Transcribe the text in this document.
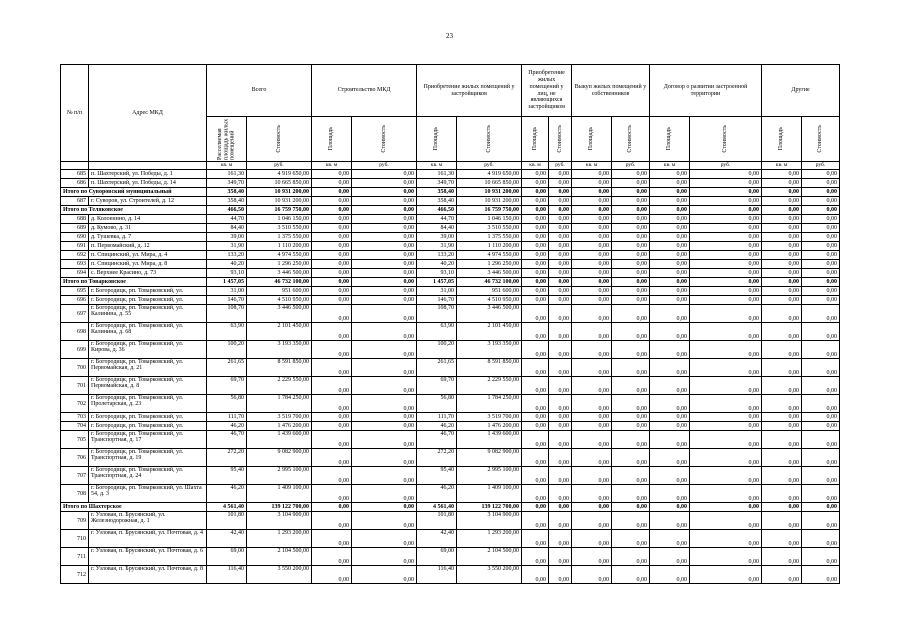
23
№ п/п	Адрес МКД	Всего		Строительство МКД		Приобретение жилых помещений у застройщиков		Приобретение жилых помещений у лиц, не являющихся застройщиком		Выкуп жилых помещений у собственников		Договор о развитии застроенной территории		Другие	

		Расселяемая площадь жилых помещений	Стоимость	Площадь	Стоимость	Площадь	Стоимость	Площадь	Стоимость	Площадь	Стоимость	Площадь	Стоимость	Площадь	Стоимость

		кв. м	руб.	кв. м	руб.	кв. м	руб.	кв. м	руб.	кв. м	руб.	кв. м	руб.	кв. м	руб.
685	п. Шахтерский, ул. Победы, д. 1	161,30	4 919 650,00	0,00	0,00	161,30	4 919 650,00	0,00	0,00	0,00	0,00	0,00	0,00	0,00	0,00
686	п. Шахтерский, ул. Победы, д. 14	349,70	10 665 850,00	0,00	0,00	349,70	10 665 850,00	0,00	0,00	0,00	0,00	0,00	0,00	0,00	0,00
Итого по Суворовский муниципальный		358,40	10 931 200,00	0,00	0,00	358,40	10 931 200,00	0,00	0,00	0,00	0,00	0,00	0,00	0,00	0,00
687	г. Суворов, ул. Строителей, д. 12	358,40	10 931 200,00	0,00	0,00	358,40	10 931 200,00	0,00	0,00	0,00	0,00	0,00	0,00	0,00	0,00
Итого по Теляковское		466,50	16 759 750,00	0,00	0,00	466,50	16 759 750,00	0,00	0,00	0,00	0,00	0,00	0,00	0,00	0,00
688	д. Колоеннно, д. 14	44,70	1 046 150,00	0,00	0,00	44,70	1 046 150,00	0,00	0,00	0,00	0,00	0,00	0,00	0,00	0,00
689	д. Кумово, д. 31	84,40	3 510 550,00	0,00	0,00	84,40	3 510 550,00	0,00	0,00	0,00	0,00	0,00	0,00	0,00	0,00
690	д. Тушевка, д. 7	39,00	1 375 550,00	0,00	0,00	39,00	1 375 550,00	0,00	0,00	0,00	0,00	0,00	0,00	0,00	0,00
691	п. Первомайский, д. 12	31,90	1 110 200,00	0,00	0,00	31,90	1 110 200,00	0,00	0,00	0,00	0,00	0,00	0,00	0,00	0,00
692	п. Спицинский, ул. Мира, д. 4	133,20	4 974 550,00	0,00	0,00	133,20	4 974 550,00	0,00	0,00	0,00	0,00	0,00	0,00	0,00	0,00
693	п. Спицинский, ул. Мира, д. 8	40,20	1 296 250,00	0,00	0,00	40,20	1 296 250,00	0,00	0,00	0,00	0,00	0,00	0,00	0,00	0,00
694	с. Верхнее Красино, д. 73	93,10	3 446 500,00	0,00	0,00	93,10	3 446 500,00	0,00	0,00	0,00	0,00	0,00	0,00	0,00	0,00
Итого по Товарковское		1 457,05	46 732 100,00	0,00	0,00	1 457,05	46 732 100,00	0,00	0,00	0,00	0,00	0,00	0,00	0,00	0,00
695	г. Богородицк, рп. Товарковский, ул.	31,00	951 600,00	0,00	0,00	31,00	951 600,00	0,00	0,00	0,00	0,00	0,00	0,00	0,00	0,00
696	г. Богородицк, рп. Товарковский, ул.	146,70	4 510 950,00	0,00	0,00	146,70	4 510 950,00	0,00	0,00	0,00	0,00	0,00	0,00	0,00	0,00
697	г. Богородицк, рп. Товарковский, ул. Калинина, д. 55	108,70	3 446 500,00	0,00	0,00	108,70	3 446 500,00	0,00	0,00	0,00	0,00	0,00	0,00	0,00	0,00
698	г. Богородицк, рп. Товарковский, ул. Калинина, д. 68	63,90	2 101 450,00	0,00	0,00	63,90	2 101 450,00	0,00	0,00	0,00	0,00	0,00	0,00	0,00	0,00
699	г. Богородицк, рп. Товарковский, ул. Кирова, д. 36	100,20	3 193 350,00	0,00	0,00	100,20	3 193 350,00	0,00	0,00	0,00	0,00	0,00	0,00	0,00	0,00
700	г. Богородицк, рп. Товарковский, ул. Первомайская, д. 21	261,65	8 591 850,00	0,00	0,00	261,65	8 591 850,00	0,00	0,00	0,00	0,00	0,00	0,00	0,00	0,00
701	г. Богородицк, рп. Товарковский, ул. Первомайская, д. 8	69,70	2 229 550,00	0,00	0,00	69,70	2 229 550,00	0,00	0,00	0,00	0,00	0,00	0,00	0,00	0,00
702	г. Богородицк, рп. Товарковский, ул. Пролетарская, д. 23	56,80	1 784 250,00	0,00	0,00	56,80	1 784 250,00	0,00	0,00	0,00	0,00	0,00	0,00	0,00	0,00
703	г. Богородицк, рп. Товарковский, ул.	111,70	3 519 700,00	0,00	0,00	111,70	3 519 700,00	0,00	0,00	0,00	0,00	0,00	0,00	0,00	0,00
704	г. Богородицк, рп. Товарковский, ул.	46,20	1 476 200,00	0,00	0,00	46,20	1 476 200,00	0,00	0,00	0,00	0,00	0,00	0,00	0,00	0,00
705	г. Богородицк, рп. Товарковский, ул. Транспортная, д. 17	46,70	1 439 600,00	0,00	0,00	46,70	1 439 600,00	0,00	0,00	0,00	0,00	0,00	0,00	0,00	0,00
706	г. Богородицк, рп. Товарковский, ул. Транспортная, д. 19	272,20	9 082 900,00	0,00	0,00	272,20	9 082 900,00	0,00	0,00	0,00	0,00	0,00	0,00	0,00	0,00
707	г. Богородицк, рп. Товарковский, ул. Транспортная, д. 24	95,40	2 995 100,00	0,00	0,00	95,40	2 995 100,00	0,00	0,00	0,00	0,00	0,00	0,00	0,00	0,00
708	г. Богородицк, рп. Товарковский, ул. Шахта 54, д. 3	46,20	1 409 100,00	0,00	0,00	46,20	1 409 100,00	0,00	0,00	0,00	0,00	0,00	0,00	0,00	0,00
Итого по Шахтерское		4 561,40	139 122 700,00	0,00	0,00	4 561,40	139 122 700,00	0,00	0,00	0,00	0,00	0,00	0,00	0,00	0,00
709	г. Узловая, п. Брусянский, ул. Железнодорожная, д. 1	101,80	3 104 900,00	0,00	0,00	101,80	3 104 900,00	0,00	0,00	0,00	0,00	0,00	0,00	0,00	0,00
710	г. Узловая, п. Брусянский, ул. Почтовая, д. 4	42,40	1 293 200,00	0,00	0,00	42,40	1 293 200,00	0,00	0,00	0,00	0,00	0,00	0,00	0,00	0,00
711	г. Узловая, п. Брусянский, ул. Почтовая, д. 6	69,00	2 104 500,00	0,00	0,00	69,00	2 104 500,00	0,00	0,00	0,00	0,00	0,00	0,00	0,00	0,00
712	г. Узловая, п. Брусянский, ул. Почтовая, д. 8	116,40	3 550 200,00	0,00	0,00	116,40	3 550 200,00	0,00	0,00	0,00	0,00	0,00	0,00	0,00	0,00
